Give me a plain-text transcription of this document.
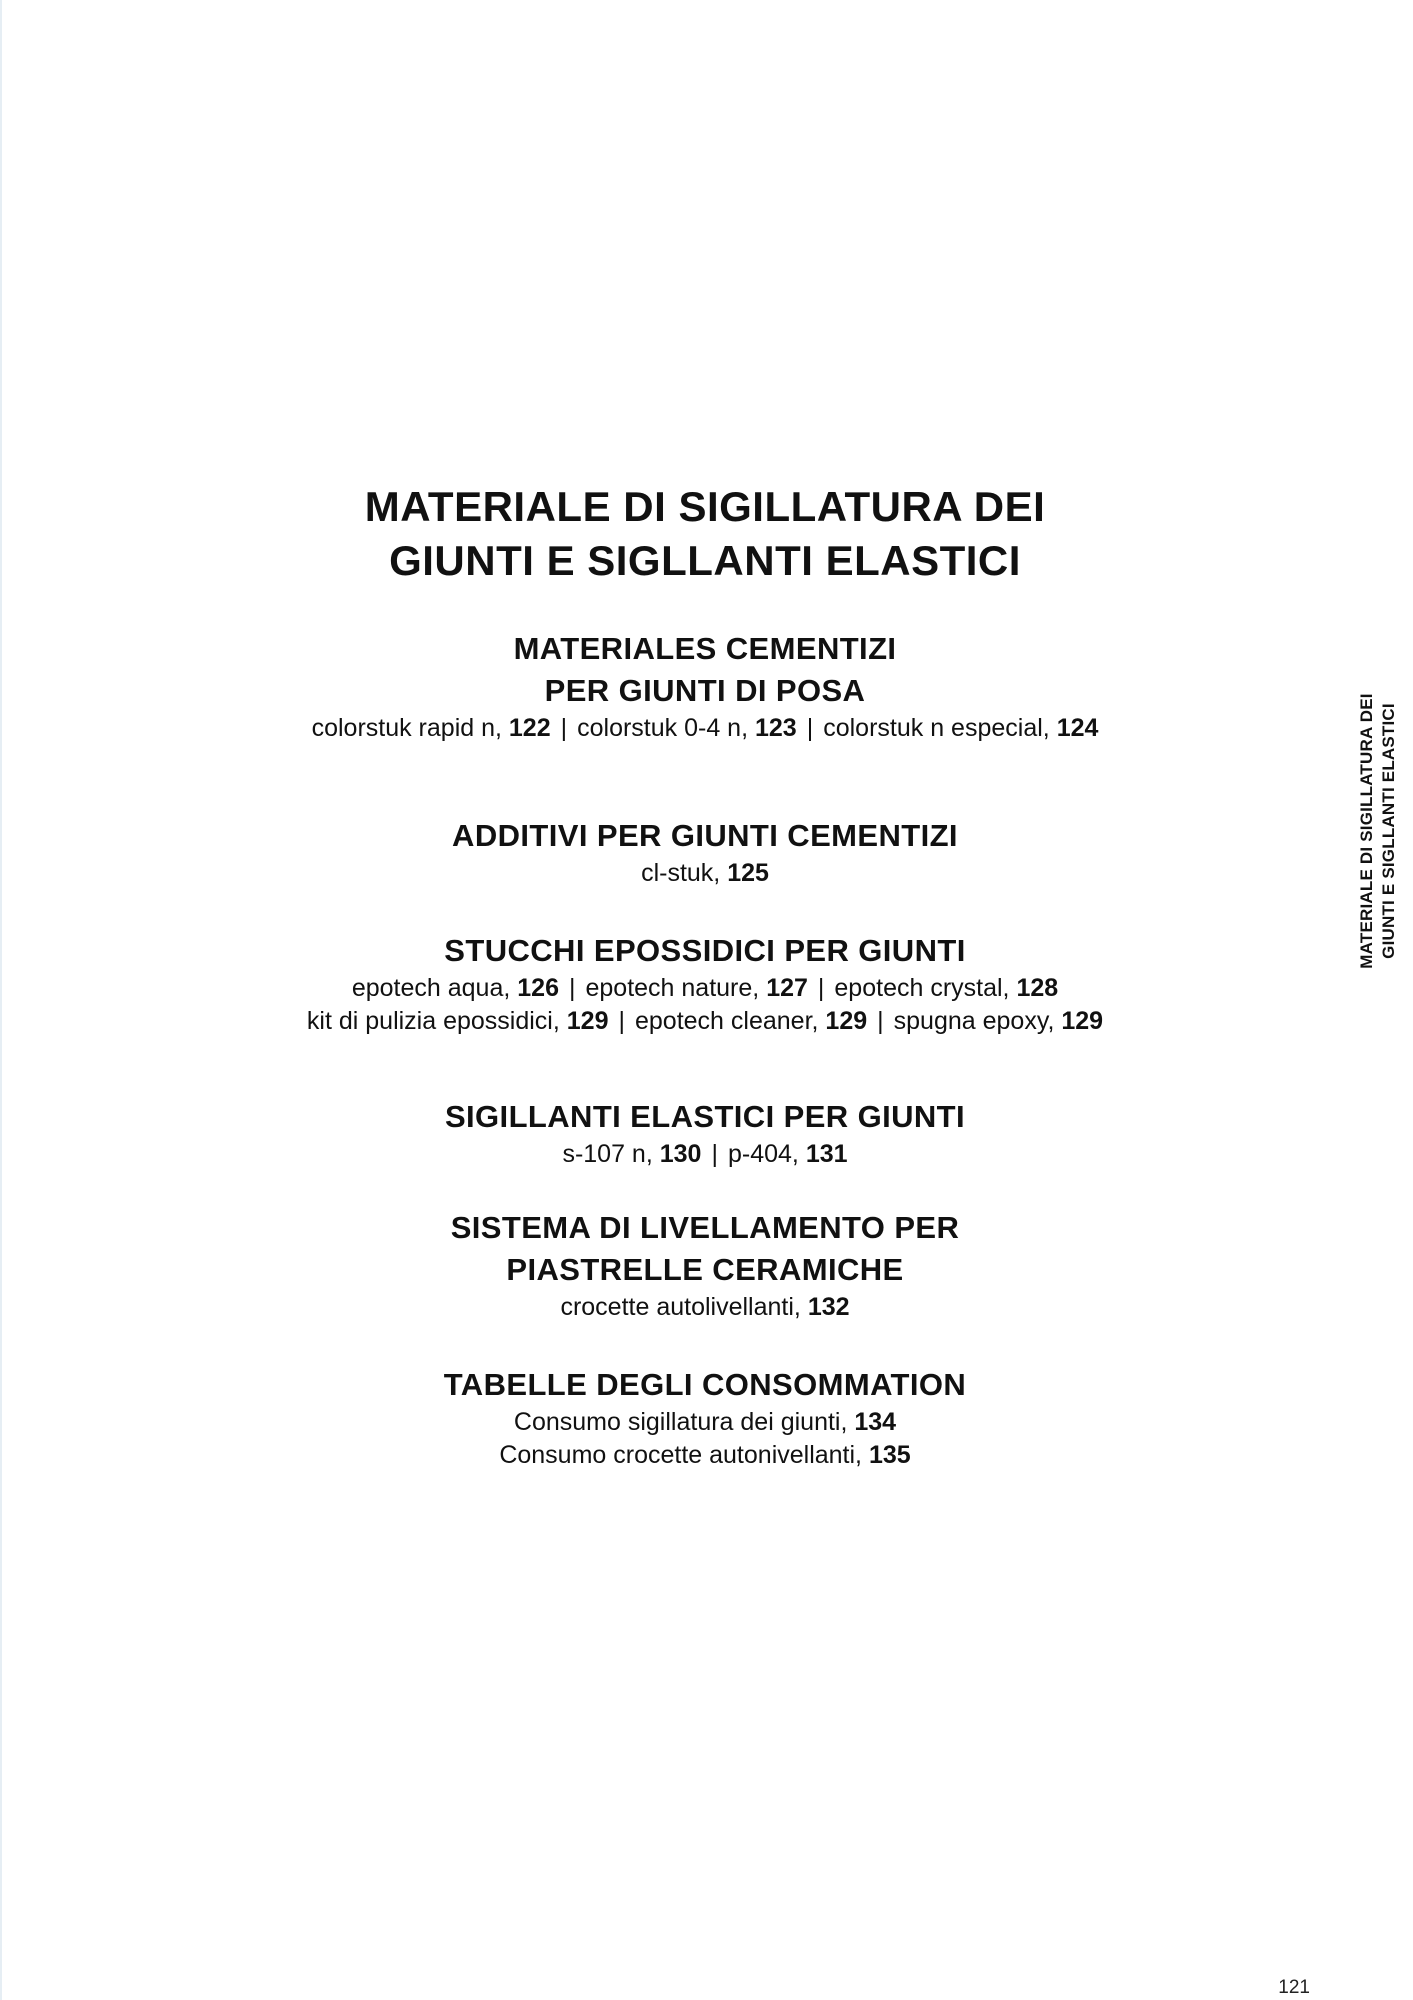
MATERIALE DI SIGILLATURA DEI

GIUNTI E SIGLLANTI ELASTICI

MATERIALES CEMENTIZI

PER GIUNTI DI POSA

colorstuk rapid n, 122 | colorstuk 0-4 n, 123 | colorstuk n especial, 124

ADDITIVI PER GIUNTI CEMENTIZI

cl-stuk, 125

STUCCHI EPOSSIDICI PER GIUNTI

epotech aqua, 126 | epotech nature, 127 | epotech crystal, 128

kit di pulizia epossidici, 129 | epotech cleaner, 129 | spugna epoxy, 129

SIGILLANTI ELASTICI PER GIUNTI

s-107 n, 130 | p-404, 131

SISTEMA DI LIVELLAMENTO PER

PIASTRELLE CERAMICHE

crocette autolivellanti, 132

TABELLE DEGLI CONSOMMATION

Consumo sigillatura dei giunti, 134

Consumo crocette autonivellanti, 135

MATERIALE DI SIGILLATURA DEI GIUNTI E SIGLLANTI ELASTICI
121
